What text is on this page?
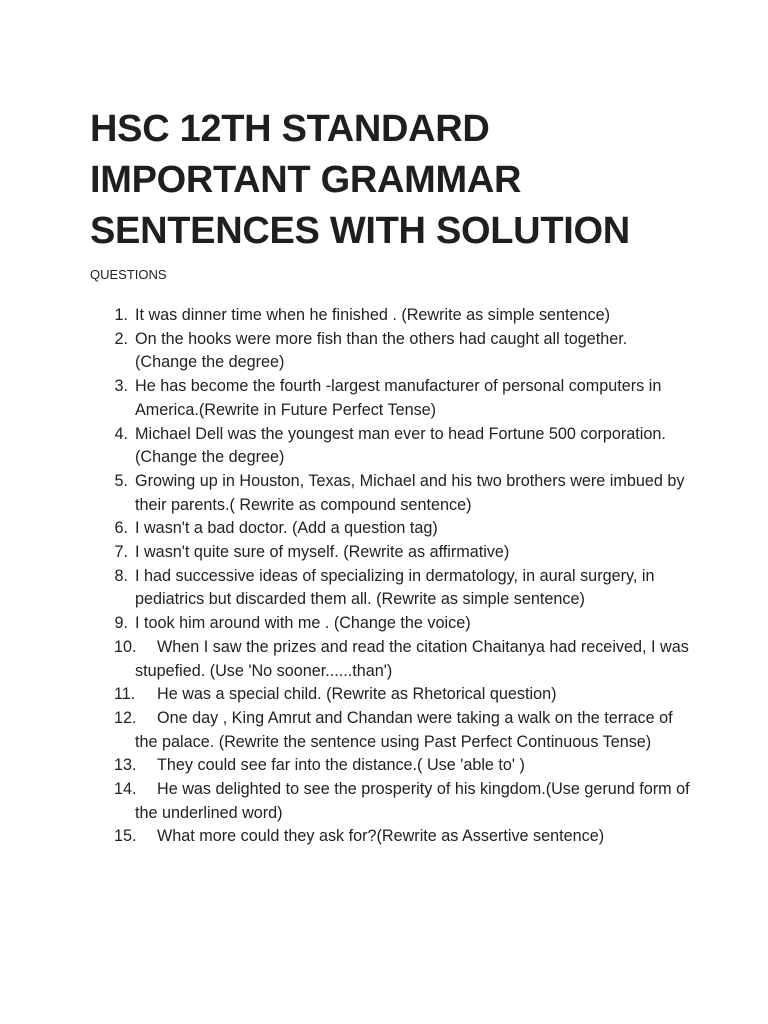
HSC 12TH STANDARD
IMPORTANT GRAMMAR
SENTENCES WITH SOLUTION
QUESTIONS
1. It was dinner time when he finished . (Rewrite as simple sentence)
2. On the hooks were more fish than the others had caught all together. (Change the degree)
3. He has become the fourth -largest manufacturer of personal computers in America.(Rewrite in Future Perfect Tense)
4. Michael Dell was the youngest man ever to head Fortune 500 corporation.(Change the degree)
5. Growing up in Houston, Texas, Michael and his two brothers were imbued by their parents.( Rewrite as compound sentence)
6. I wasn't a bad doctor. (Add a question tag)
7. I wasn't quite sure of myself. (Rewrite as affirmative)
8. I had successive ideas of specializing in dermatology, in aural surgery, in pediatrics but discarded them all. (Rewrite as simple sentence)
9. I took him around with me . (Change the voice)
10. When I saw the prizes and read the citation Chaitanya had received, I was stupefied. (Use 'No sooner......than')
11. He was a special child. (Rewrite as Rhetorical question)
12. One day , King Amrut and Chandan were taking a walk on the terrace of the palace. (Rewrite the sentence using Past Perfect Continuous Tense)
13. They could see far into the distance.( Use 'able to' )
14. He was delighted to see the prosperity of his kingdom.(Use gerund form of the underlined word)
15. What more could they ask for?(Rewrite as Assertive sentence)
